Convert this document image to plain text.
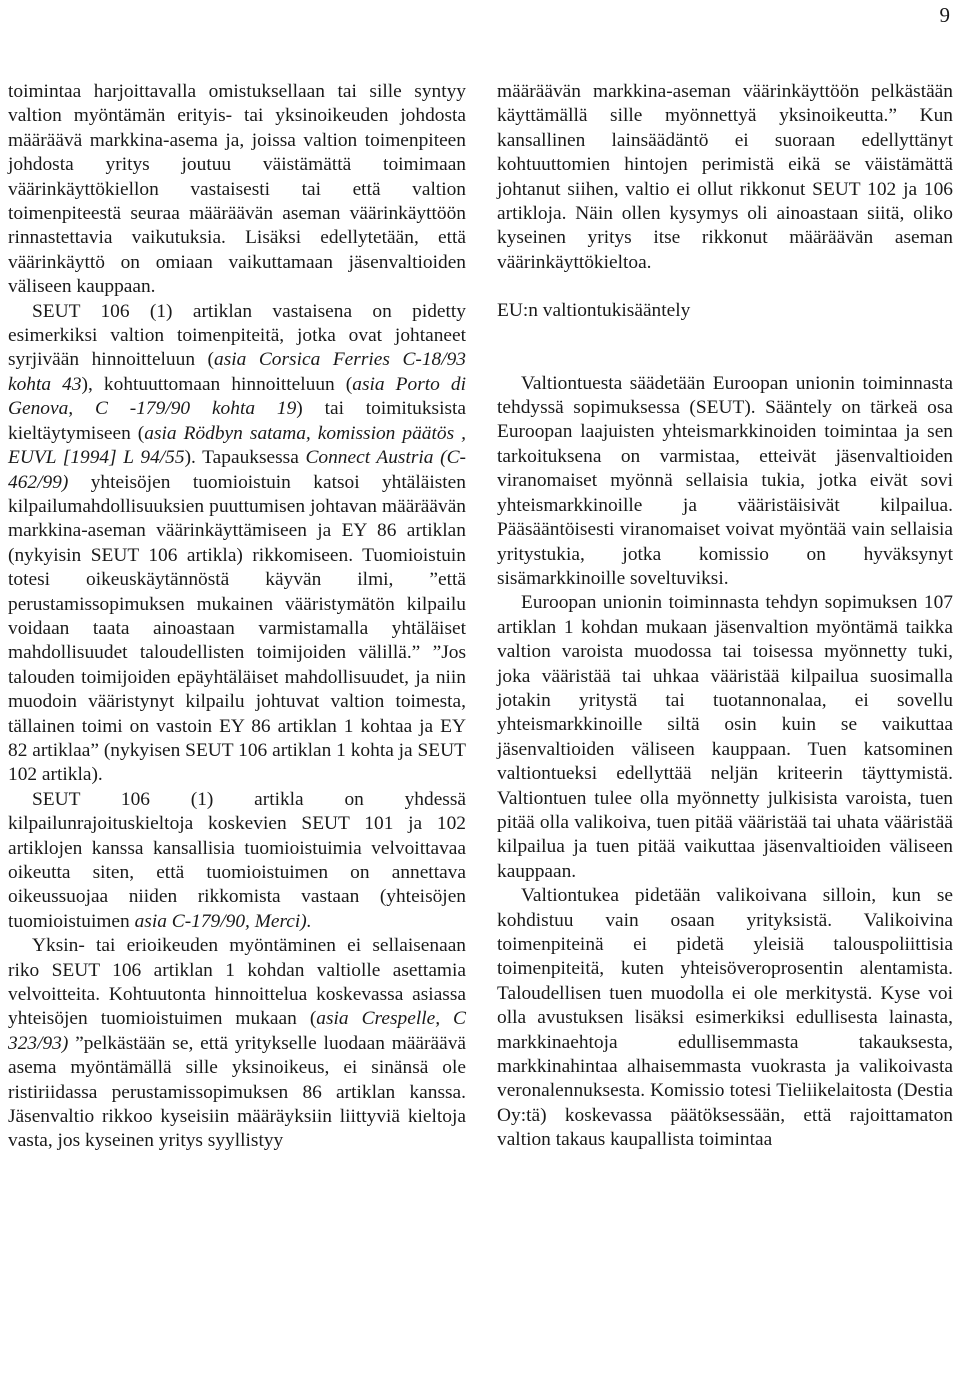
9

toimintaa harjoittavalla omistuksellaan tai sille syntyy valtion myöntämän erityis- tai yksinoikeuden johdosta määräävä markkina-asema ja, joissa valtion toimenpiteen johdosta yritys joutuu väistämättä toimimaan väärinkäyttökiellon vastaisesti tai että valtion toimenpiteestä seuraa määräävän aseman väärinkäyttöön rinnastettavia vaikutuksia. Lisäksi edellytetään, että väärinkäyttö on omiaan vaikuttamaan jäsenvaltioiden väliseen kauppaan.

SEUT 106 (1) artiklan vastaisena on pidetty esimerkiksi valtion toimenpiteitä, jotka ovat johtaneet syrjivään hinnoitteluun (asia Corsica Ferries C-18/93 kohta 43), kohtuuttomaan hinnoitteluun (asia Porto di Genova, C -179/90 kohta 19) tai toimituksista kieltäytymiseen (asia Rödbyn satama, komission päätös , EUVL [1994] L 94/55). Tapauksessa Connect Austria (C-462/99) yhteisöjen tuomioistuin katsoi yhtäläisten kilpailumahdollisuuksien puuttumisen johtavan määräävän markkina-aseman väärinkäyttämiseen ja EY 86 artiklan (nykyisin SEUT 106 artikla) rikkomiseen. Tuomioistuin totesi oikeuskäytännöstä käyvän ilmi, ”että perustamissopimuksen mukainen vääristymätön kilpailu voidaan taata ainoastaan varmistamalla yhtäläiset mahdollisuudet taloudellisten toimijoiden välillä.” ”Jos talouden toimijoiden epäyhtäläiset mahdollisuudet, ja niin muodoin vääristynyt kilpailu johtuvat valtion toimesta, tällainen toimi on vastoin EY 86 artiklan 1 kohtaa ja EY 82 artiklaa” (nykyisen SEUT 106 artiklan 1 kohta ja SEUT 102 artikla).

SEUT 106 (1) artikla on yhdessä kilpailunrajoituskieltoja koskevien SEUT 101 ja 102 artiklojen kanssa kansallisia tuomioistuimia velvoittavaa oikeutta siten, että tuomioistuimen on annettava oikeussuojaa niiden rikkomista vastaan (yhteisöjen tuomioistuimen asia C-179/90, Merci).

Yksin- tai erioikeuden myöntäminen ei sellaisenaan riko SEUT 106 artiklan 1 kohdan valtiolle asettamia velvoitteita. Kohtuutonta hinnoittelua koskevassa asiassa yhteisöjen tuomioistuimen mukaan (asia Crespelle, C 323/93) ”pelkästään se, että yritykselle luodaan määräävä asema myöntämällä sille yksinoikeus, ei sinänsä ole ristiriidassa perustamissopimuksen 86 artiklan kanssa. Jäsenvaltio rikkoo kyseisiin määräyksiin liittyviä kieltoja vasta, jos kyseinen yritys syyllistyy

määräävän markkina-aseman väärinkäyttöön pelkästään käyttämällä sille myönnettyä yksinoikeutta.” Kun kansallinen lainsäädäntö ei suoraan edellyttänyt kohtuuttomien hintojen perimistä eikä se väistämättä johtanut siihen, valtio ei ollut rikkonut SEUT 102 ja 106 artikloja. Näin ollen kysymys oli ainoastaan siitä, oliko kyseinen yritys itse rikkonut määräävän aseman väärinkäyttökieltoa.

EU:n valtiontukisääntely

Valtiontuesta säädetään Euroopan unionin toiminnasta tehdyssä sopimuksessa (SEUT). Sääntely on tärkeä osa Euroopan laajuisten yhteismarkkinoiden toimintaa ja sen tarkoituksena on varmistaa, etteivät jäsenvaltioiden viranomaiset myönnä sellaisia tukia, jotka eivät sovi yhteismarkkinoille ja vääristäisivät kilpailua. Pääsääntöisesti viranomaiset voivat myöntää vain sellaisia yritystukia, jotka komissio on hyväksynyt sisämarkkinoille soveltuviksi.

Euroopan unionin toiminnasta tehdyn sopimuksen 107 artiklan 1 kohdan mukaan jäsenvaltion myöntämä taikka valtion varoista muodossa tai toisessa myönnetty tuki, joka vääristää tai uhkaa vääristää kilpailua suosimalla jotakin yritystä tai tuotannonalaa, ei sovellu yhteismarkkinoille siltä osin kuin se vaikuttaa jäsenvaltioiden väliseen kauppaan. Tuen katsominen valtiontueksi edellyttää neljän kriteerin täyttymistä. Valtiontuen tulee olla myönnetty julkisista varoista, tuen pitää olla valikoiva, tuen pitää vääristää tai uhata vääristää kilpailua ja tuen pitää vaikuttaa jäsenvaltioiden väliseen kauppaan.

Valtiontukea pidetään valikoivana silloin, kun se kohdistuu vain osaan yrityksistä. Valikoivina toimenpiteinä ei pidetä yleisiä talouspoliittisia toimenpiteitä, kuten yhteisöveroprosentin alentamista. Taloudellisen tuen muodolla ei ole merkitystä. Kyse voi olla avustuksen lisäksi esimerkiksi edullisesta lainasta, markkinaehtoja edullisemmasta takauksesta, markkinahintaa alhaisemmasta vuokrasta ja valikoivasta veronalennuksesta. Komissio totesi Tieliikelaitosta (Destia Oy:tä) koskevassa päätöksessään, että rajoittamaton valtion takaus kaupallista toimintaa
